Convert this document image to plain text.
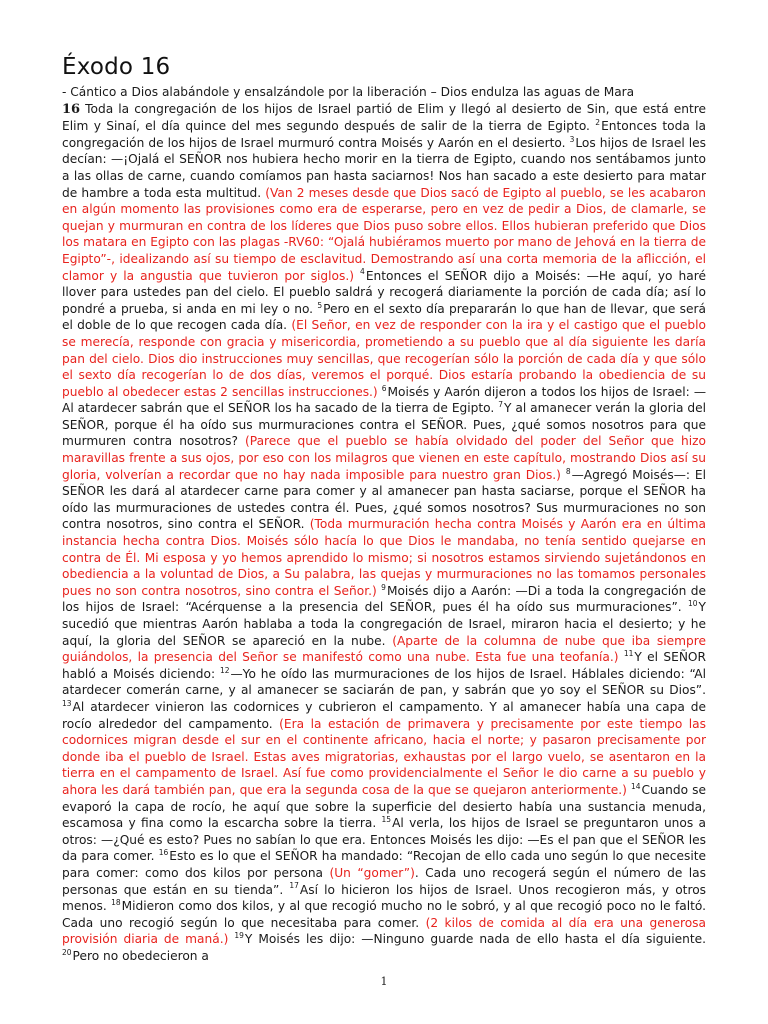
Éxodo 16
- Cántico a Dios alabándole y ensalzándole por la liberación – Dios endulza las aguas de Mara
16 Toda la congregación de los hijos de Israel partió de Elim y llegó al desierto de Sin, que está entre Elim y Sinaí, el día quince del mes segundo después de salir de la tierra de Egipto. $^2$Entonces toda la congregación de los hijos de Israel murmuró contra Moisés y Aarón en el desierto. $^3$Los hijos de Israel les decían: —¡Ojalá el SEÑOR nos hubiera hecho morir en la tierra de Egipto, cuando nos sentábamos junto a las ollas de carne, cuando comíamos pan hasta saciarnos! Nos han sacado a este desierto para matar de hambre a toda esta multitud. (Van 2 meses desde que Dios sacó de Egipto al pueblo, se les acabaron en algún momento las provisiones como era de esperarse, pero en vez de pedir a Dios, de clamarle, se quejan y murmuran en contra de los líderes que Dios puso sobre ellos. Ellos hubieran preferido que Dios los matara en Egipto con las plagas -RV60: “Ojalá hubiéramos muerto por mano de Jehová en la tierra de Egipto”-, idealizando así su tiempo de esclavitud. Demostrando así una corta memoria de la aflicción, el clamor y la angustia que tuvieron por siglos.) $^4$Entonces el SEÑOR dijo a Moisés: —He aquí, yo haré llover para ustedes pan del cielo. El pueblo saldrá y recogerá diariamente la porción de cada día; así lo pondré a prueba, si anda en mi ley o no. $^5$Pero en el sexto día prepararán lo que han de llevar, que será el doble de lo que recogen cada día. (El Señor, en vez de responder con la ira y el castigo que el pueblo se merecía, responde con gracia y misericordia, prometiendo a su pueblo que al día siguiente les daría pan del cielo. Dios dio instrucciones muy sencillas, que recogerían sólo la porción de cada día y que sólo el sexto día recogerían lo de dos días, veremos el porqué. Dios estaría probando la obediencia de su pueblo al obedecer estas 2 sencillas instrucciones.) $^6$Moisés y Aarón dijeron a todos los hijos de Israel: —Al atardecer sabrán que el SEÑOR los ha sacado de la tierra de Egipto. $^7$Y al amanecer verán la gloria del SEÑOR, porque él ha oído sus murmuraciones contra el SEÑOR. Pues, ¿qué somos nosotros para que murmuren contra nosotros? (Parece que el pueblo se había olvidado del poder del Señor que hizo maravillas frente a sus ojos, por eso con los milagros que vienen en este capítulo, mostrando Dios así su gloria, volverían a recordar que no hay nada imposible para nuestro gran Dios.) $^8$—Agregó Moisés—: El SEÑOR les dará al atardecer carne para comer y al amanecer pan hasta saciarse, porque el SEÑOR ha oído las murmuraciones de ustedes contra él. Pues, ¿qué somos nosotros? Sus murmuraciones no son contra nosotros, sino contra el SEÑOR. (Toda murmuración hecha contra Moisés y Aarón era en última instancia hecha contra Dios. Moisés sólo hacía lo que Dios le mandaba, no tenía sentido quejarse en contra de Él. Mi esposa y yo hemos aprendido lo mismo; si nosotros estamos sirviendo sujetándonos en obediencia a la voluntad de Dios, a Su palabra, las quejas y murmuraciones no las tomamos personales pues no son contra nosotros, sino contra el Señor.) $^9$Moisés dijo a Aarón: —Di a toda la congregación de los hijos de Israel: “Acérquense a la presencia del SEÑOR, pues él ha oído sus murmuraciones”. $^{10}$Y sucedió que mientras Aarón hablaba a toda la congregación de Israel, miraron hacia el desierto; y he aquí, la gloria del SEÑOR se apareció en la nube. (Aparte de la columna de nube que iba siempre guiándolos, la presencia del Señor se manifestó como una nube. Esta fue una teofanía.) $^{11}$Y el SEÑOR habló a Moisés diciendo: $^{12}$—Yo he oído las murmuraciones de los hijos de Israel. Háblales diciendo: “Al atardecer comerán carne, y al amanecer se saciarán de pan, y sabrán que yo soy el SEÑOR su Dios”. $^{13}$Al atardecer vinieron las codornices y cubrieron el campamento. Y al amanecer había una capa de rocío alrededor del campamento. (Era la estación de primavera y precisamente por este tiempo las codornices migran desde el sur en el continente africano, hacia el norte; y pasaron precisamente por donde iba el pueblo de Israel. Estas aves migratorias, exhaustas por el largo vuelo, se asentaron en la tierra en el campamento de Israel. Así fue como providencialmente el Señor le dio carne a su pueblo y ahora les dará también pan, que era la segunda cosa de la que se quejaron anteriormente.) $^{14}$Cuando se evaporó la capa de rocío, he aquí que sobre la superficie del desierto había una sustancia menuda, escamosa y fina como la escarcha sobre la tierra. $^{15}$Al verla, los hijos de Israel se preguntaron unos a otros: —¿Qué es esto? Pues no sabían lo que era. Entonces Moisés les dijo: —Es el pan que el SEÑOR les da para comer. $^{16}$Esto es lo que el SEÑOR ha mandado: “Recojan de ello cada uno según lo que necesite para comer: como dos kilos por persona (Un “gomer”). Cada uno recogerá según el número de las personas que están en su tienda”. $^{17}$Así lo hicieron los hijos de Israel. Unos recogieron más, y otros menos. $^{18}$Midieron como dos kilos, y al que recogió mucho no le sobró, y al que recogió poco no le faltó. Cada uno recogió según lo que necesitaba para comer. (2 kilos de comida al día era una generosa provisión diaria de maná.) $^{19}$Y Moisés les dijo: —Ninguno guarde nada de ello hasta el día siguiente. $^{20}$Pero no obedecieron a
1
